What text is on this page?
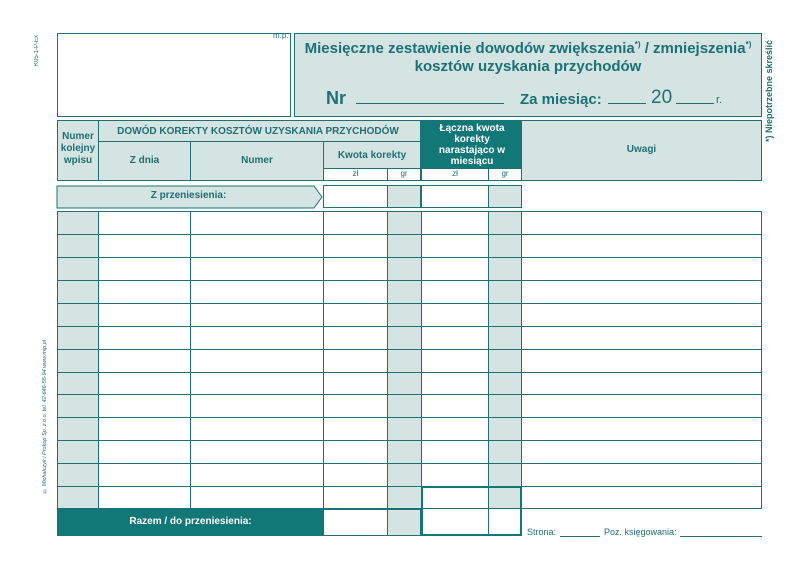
K05-1-P-Ex
© Michalczyk i Prokop Sp. z o.o. tel. 42-646-55-94 www.mip.pl
m.p.
Miesięczne zestawienie dowodów zwiększenia*) / zmniejszenia*)
kosztów uzyskania przychodów
Nr	Za miesiąc:	20	r.	*) Niepotrzebne skreślić
Numer kolejny wpisu
DOWÓD KOREKTY KOSZTÓW UZYSKANIA PRZYCHODÓW
Z dnia	Numer	Kwota korekty
zł	gr
Łączna kwota korekty narastająco w miesiącu
zł	gr
Uwagi
Z przeniesienia:
Razem / do przeniesienia:
Strona:	Poz. księgowania:
